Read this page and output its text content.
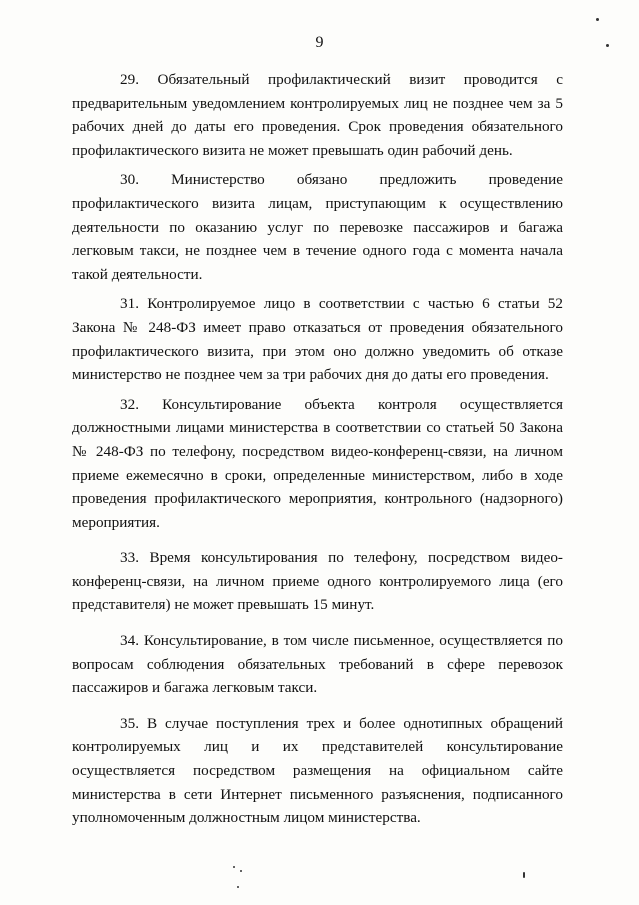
9

29. Обязательный профилактический визит проводится с предварительным уведомлением контролируемых лиц не позднее чем за 5 рабочих дней до даты его проведения. Срок проведения обязательного профилактического визита не может превышать один рабочий день.

30. Министерство обязано предложить проведение профилактического визита лицам, приступающим к осуществлению деятельности по оказанию услуг по перевозке пассажиров и багажа легковым такси, не позднее чем в течение одного года с момента начала такой деятельности.

31. Контролируемое лицо в соответствии с частью 6 статьи 52 Закона № 248-ФЗ имеет право отказаться от проведения обязательного профилактического визита, при этом оно должно уведомить об отказе министерство не позднее чем за три рабочих дня до даты его проведения.

32. Консультирование объекта контроля осуществляется должностными лицами министерства в соответствии со статьей 50 Закона № 248-ФЗ по телефону, посредством видео-конференц-связи, на личном приеме ежемесячно в сроки, определенные министерством, либо в ходе проведения профилактического мероприятия, контрольного (надзорного) мероприятия.

33. Время консультирования по телефону, посредством видео-конференц-связи, на личном приеме одного контролируемого лица (его представителя) не может превышать 15 минут.

34. Консультирование, в том числе письменное, осуществляется по вопросам соблюдения обязательных требований в сфере перевозок пассажиров и багажа легковым такси.

35. В случае поступления трех и более однотипных обращений контролируемых лиц и их представителей консультирование осуществляется посредством размещения на официальном сайте министерства в сети Интернет письменного разъяснения, подписанного уполномоченным должностным лицом министерства.
